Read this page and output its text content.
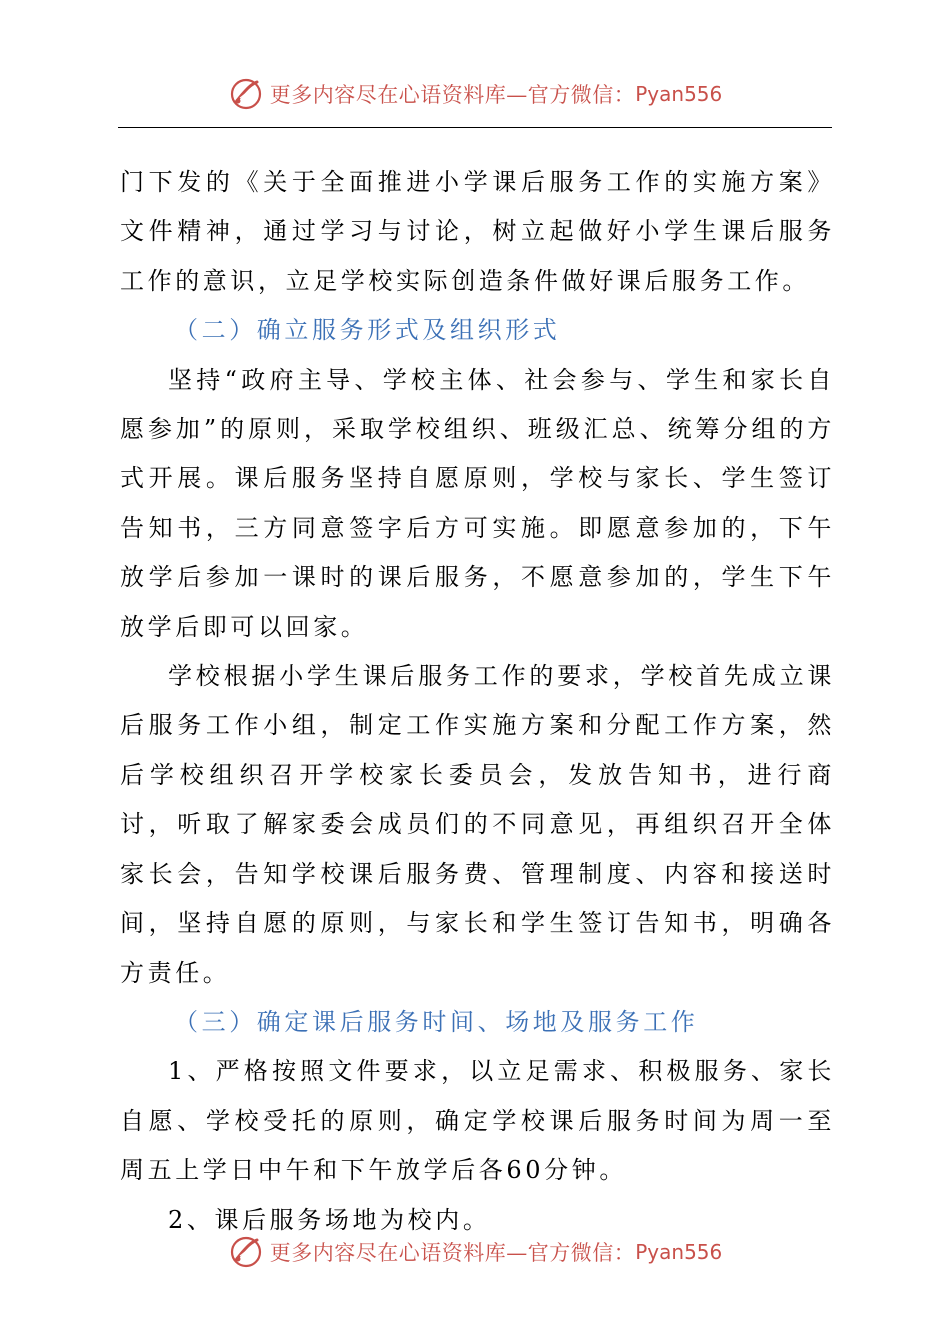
更多内容尽在心语资料库—官方微信： Pyan556

门下发的《关于全面推进小学课后服务工作的实施方案》文件精神，通过学习与讨论，树立起做好小学生课后服务工作的意识，立足学校实际创造条件做好课后服务工作。

（二）确立服务形式及组织形式

坚持“政府主导、学校主体、社会参与、学生和家长自愿参加”的原则，采取学校组织、班级汇总、统筹分组的方式开展。课后服务坚持自愿原则，学校与家长、学生签订告知书，三方同意签字后方可实施。即愿意参加的，下午放学后参加一课时的课后服务，不愿意参加的，学生下午放学后即可以回家。

学校根据小学生课后服务工作的要求，学校首先成立课后服务工作小组，制定工作实施方案和分配工作方案，然后学校组织召开学校家长委员会，发放告知书，进行商讨，听取了解家委会成员们的不同意见，再组织召开全体家长会，告知学校课后服务费、管理制度、内容和接送时间，坚持自愿的原则，与家长和学生签订告知书，明确各方责任。

（三）确定课后服务时间、场地及服务工作

1、严格按照文件要求，以立足需求、积极服务、家长自愿、学校受托的原则，确定学校课后服务时间为周一至周五上学日中午和下午放学后各60分钟。

2、课后服务场地为校内。

更多内容尽在心语资料库—官方微信： Pyan556
